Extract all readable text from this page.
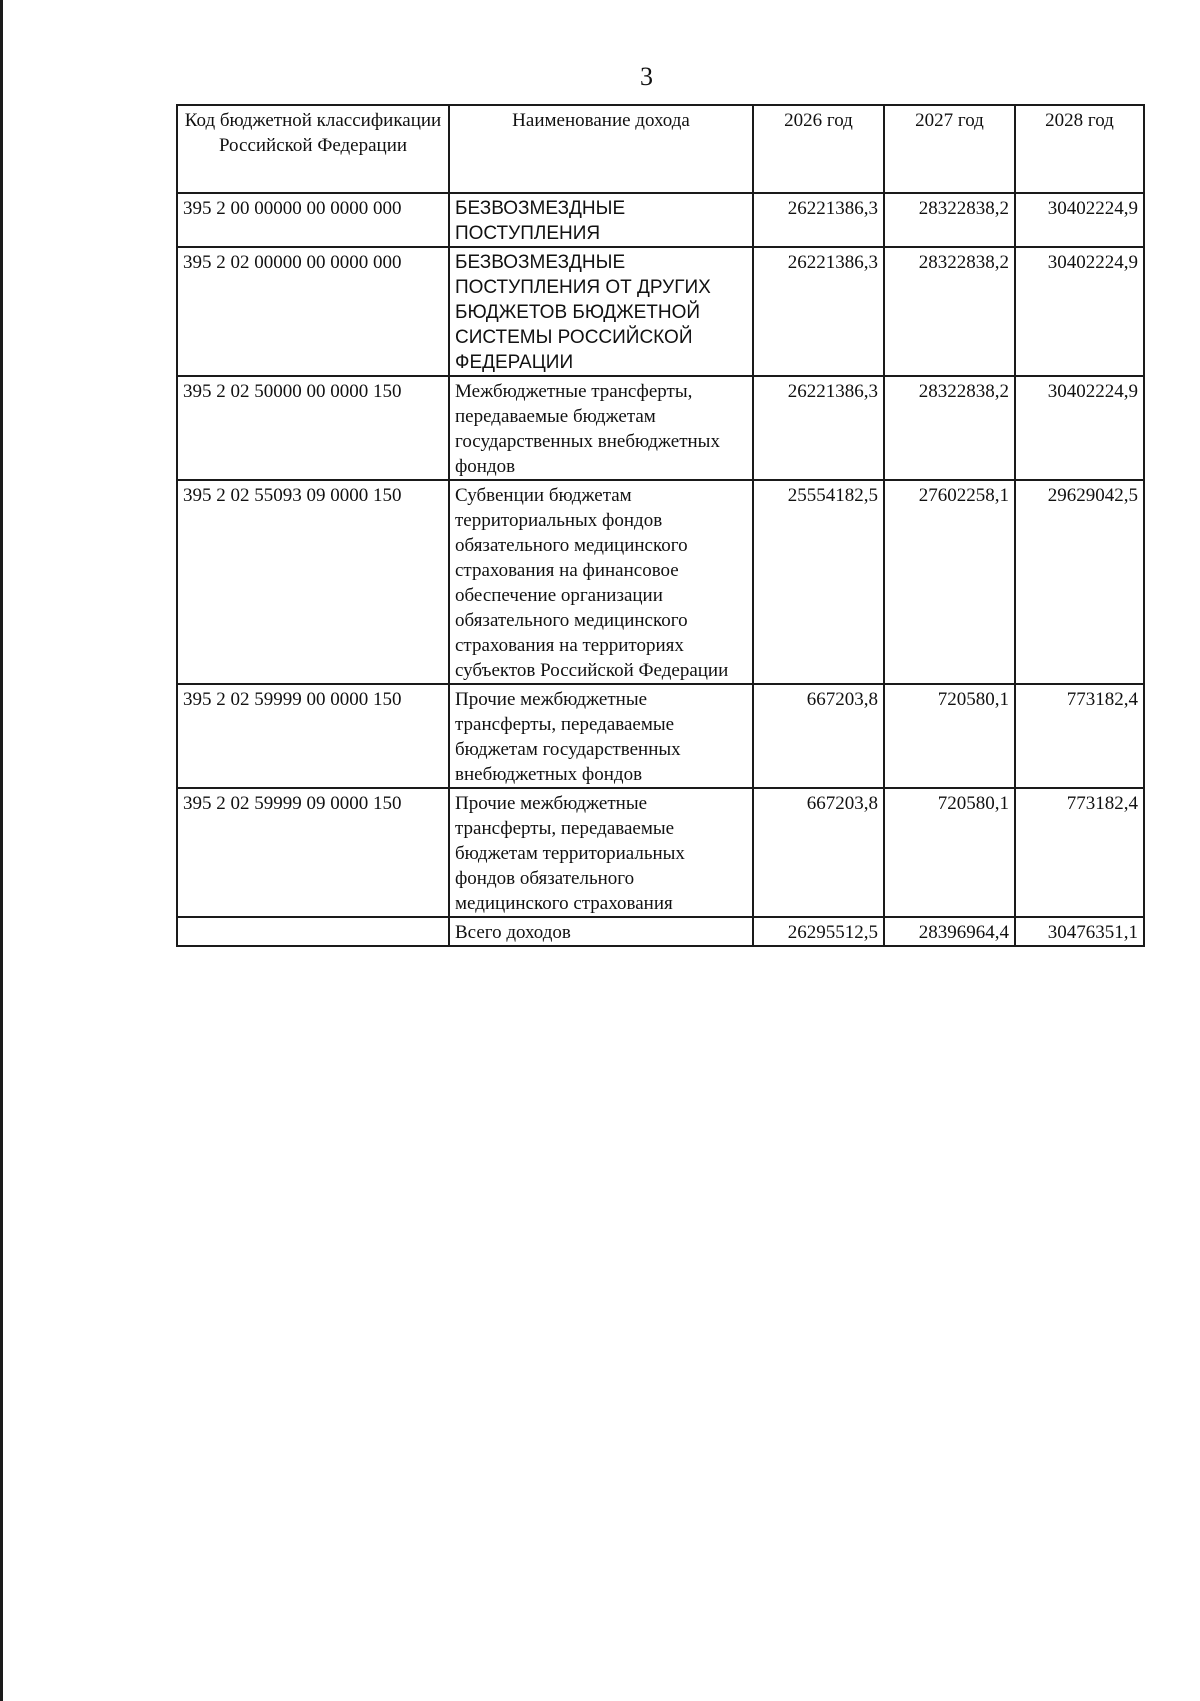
3
Код бюджетной классификации Российской Федерации	Наименование дохода	2026 год	2027 год	2028 год
395 2 00 00000 00 0000 000	БЕЗВОЗМЕЗДНЫЕ ПОСТУПЛЕНИЯ	26221386,3	28322838,2	30402224,9
395 2 02 00000 00 0000 000	БЕЗВОЗМЕЗДНЫЕ ПОСТУПЛЕНИЯ ОТ ДРУГИХ БЮДЖЕТОВ БЮДЖЕТНОЙ СИСТЕМЫ РОССИЙСКОЙ ФЕДЕРАЦИИ	26221386,3	28322838,2	30402224,9
395 2 02 50000 00 0000 150	Межбюджетные трансферты, передаваемые бюджетам государственных внебюджетных фондов	26221386,3	28322838,2	30402224,9
395 2 02 55093 09 0000 150	Субвенции бюджетам территориальных фондов обязательного медицинского страхования на финансовое обеспечение организации обязательного медицинского страхования на территориях субъектов Российской Федерации	25554182,5	27602258,1	29629042,5
395 2 02 59999 00 0000 150	Прочие межбюджетные трансферты, передаваемые бюджетам государственных внебюджетных фондов	667203,8	720580,1	773182,4
395 2 02 59999 09 0000 150	Прочие межбюджетные трансферты, передаваемые бюджетам территориальных фондов обязательного медицинского страхования	667203,8	720580,1	773182,4
	Всего доходов	26295512,5	28396964,4	30476351,1
